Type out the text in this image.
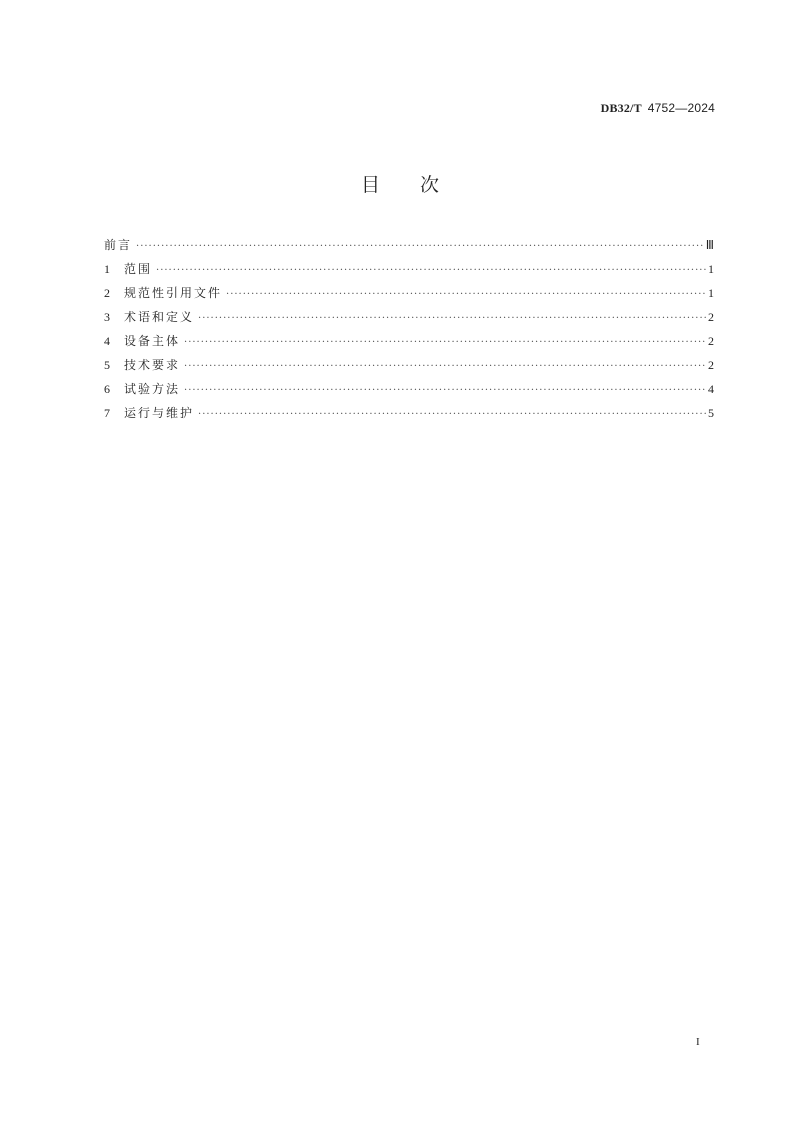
DB32/T 4752—2024
目 次
前言 ·····	Ⅲ
1	范围 ·····	1
2	规范性引用文件 ·····	1
3	术语和定义 ·····	2
4	设备主体 ·····	2
5	技术要求 ·····	2
6	试验方法 ·····	4
7	运行与维护 ·····	5
I
